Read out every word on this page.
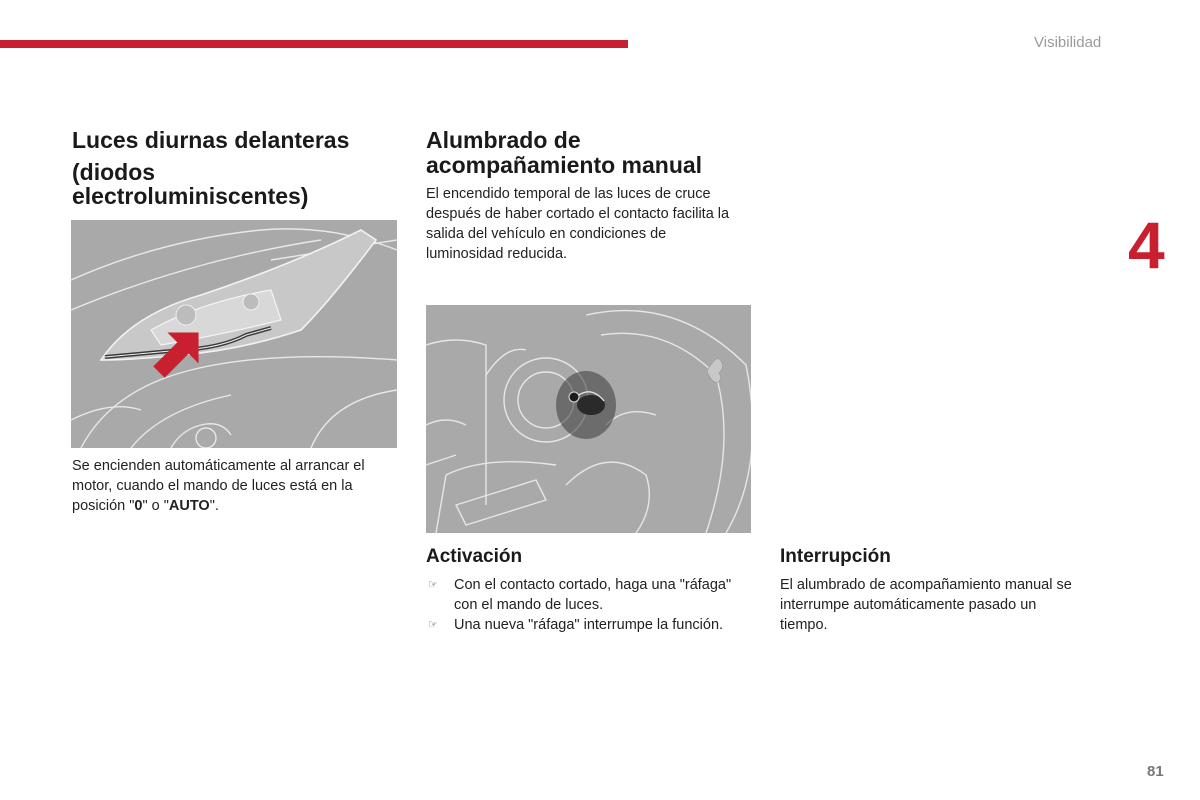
Visibilidad
4
81
Luces diurnas delanteras
(diodos
electroluminiscentes)

Se encienden automáticamente al arrancar el motor, cuando el mando de luces está en la posición "0" o "AUTO".

Alumbrado de
acompañamiento manual

El encendido temporal de las luces de cruce después de haber cortado el contacto facilita la salida del vehículo en condiciones de luminosidad reducida.

Activación
☞ Con el contacto cortado, haga una "ráfaga" con el mando de luces.
☞ Una nueva "ráfaga" interrumpe la función.
Interrupción

El alumbrado de acompañamiento manual se interrumpe automáticamente pasado un tiempo.
